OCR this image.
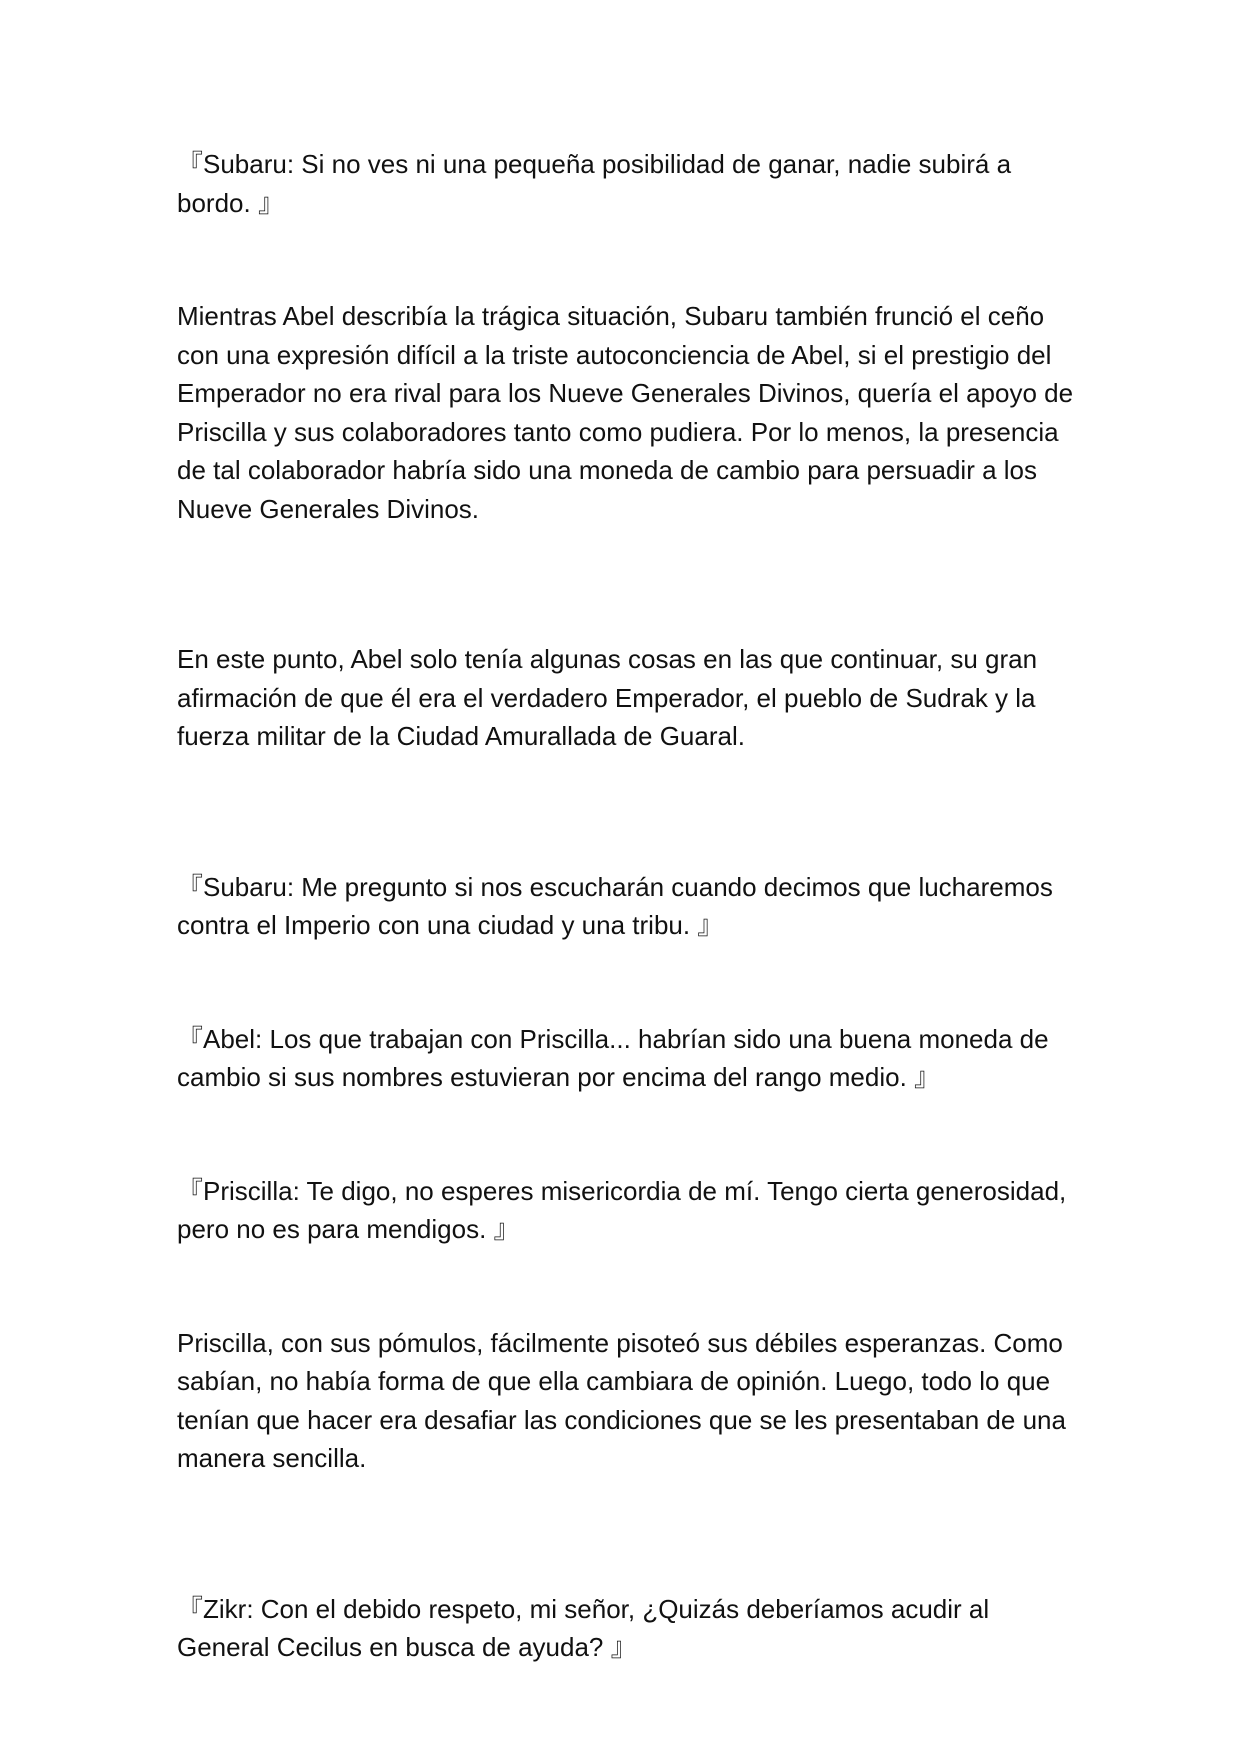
『Subaru: Si no ves ni una pequeña posibilidad de ganar, nadie subirá a bordo. 』

Mientras Abel describía la trágica situación, Subaru también frunció el ceño con una expresión difícil a la triste autoconciencia de Abel, si el prestigio del Emperador no era rival para los Nueve Generales Divinos, quería el apoyo de Priscilla y sus colaboradores tanto como pudiera. Por lo menos, la presencia de tal colaborador habría sido una moneda de cambio para persuadir a los Nueve Generales Divinos.

En este punto, Abel solo tenía algunas cosas en las que continuar, su gran afirmación de que él era el verdadero Emperador, el pueblo de Sudrak y la fuerza militar de la Ciudad Amurallada de Guaral.

『Subaru: Me pregunto si nos escucharán cuando decimos que lucharemos contra el Imperio con una ciudad y una tribu. 』

『Abel: Los que trabajan con Priscilla... habrían sido una buena moneda de cambio si sus nombres estuvieran por encima del rango medio. 』

『Priscilla: Te digo, no esperes misericordia de mí. Tengo cierta generosidad, pero no es para mendigos. 』

Priscilla, con sus pómulos, fácilmente pisoteó sus débiles esperanzas. Como sabían, no había forma de que ella cambiara de opinión. Luego, todo lo que tenían que hacer era desafiar las condiciones que se les presentaban de una manera sencilla.

『Zikr: Con el debido respeto, mi señor, ¿Quizás deberíamos acudir al General Cecilus en busca de ayuda? 』
